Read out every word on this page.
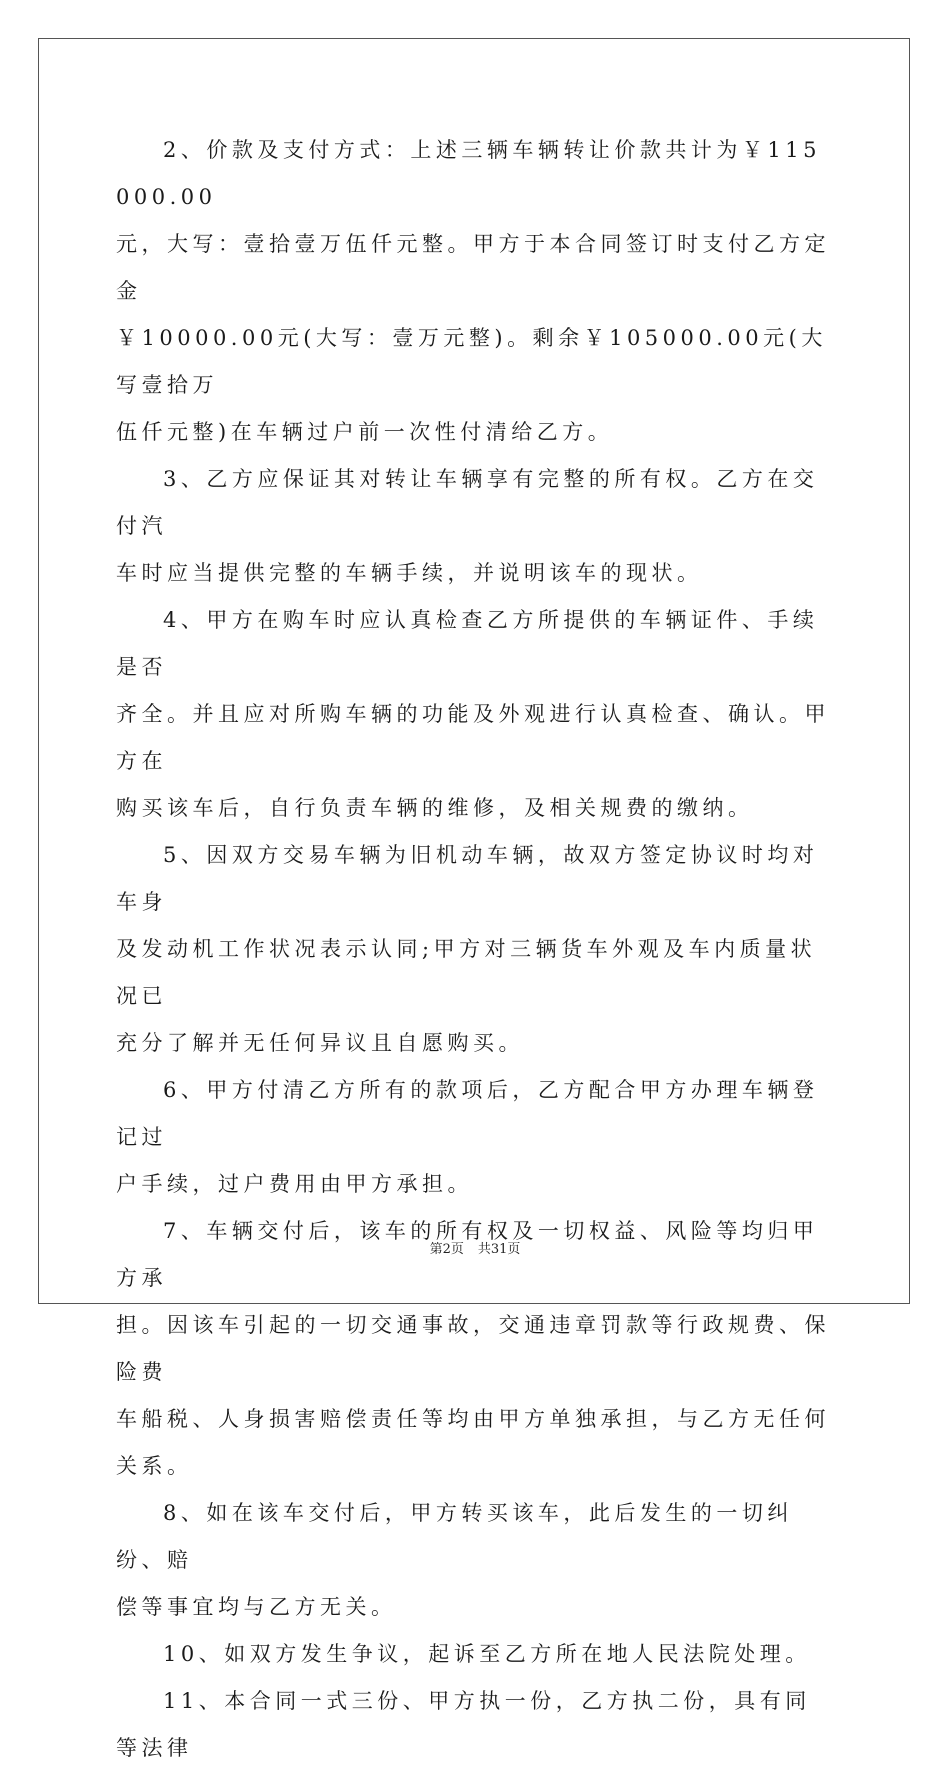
2、价款及支付方式：上述三辆车辆转让价款共计为￥115000.00
元，大写：壹拾壹万伍仟元整。甲方于本合同签订时支付乙方定金
￥10000.00元(大写：壹万元整)。剩余￥105000.00元(大写壹拾万
伍仟元整)在车辆过户前一次性付清给乙方。

3、乙方应保证其对转让车辆享有完整的所有权。乙方在交付汽
车时应当提供完整的车辆手续，并说明该车的现状。

4、甲方在购车时应认真检查乙方所提供的车辆证件、手续是否
齐全。并且应对所购车辆的功能及外观进行认真检查、确认。甲方在
购买该车后，自行负责车辆的维修，及相关规费的缴纳。

5、因双方交易车辆为旧机动车辆，故双方签定协议时均对车身
及发动机工作状况表示认同;甲方对三辆货车外观及车内质量状况已
充分了解并无任何异议且自愿购买。

6、甲方付清乙方所有的款项后，乙方配合甲方办理车辆登记过
户手续，过户费用由甲方承担。

7、车辆交付后，该车的所有权及一切权益、风险等均归甲方承
担。因该车引起的一切交通事故，交通违章罚款等行政规费、保险费
车船税、人身损害赔偿责任等均由甲方单独承担，与乙方无任何关系。

8、如在该车交付后，甲方转买该车，此后发生的一切纠纷、赔
偿等事宜均与乙方无关。

10、如双方发生争议，起诉至乙方所在地人民法院处理。

11、本合同一式三份、甲方执一份，乙方执二份，具有同等法律

第2页 共31页
